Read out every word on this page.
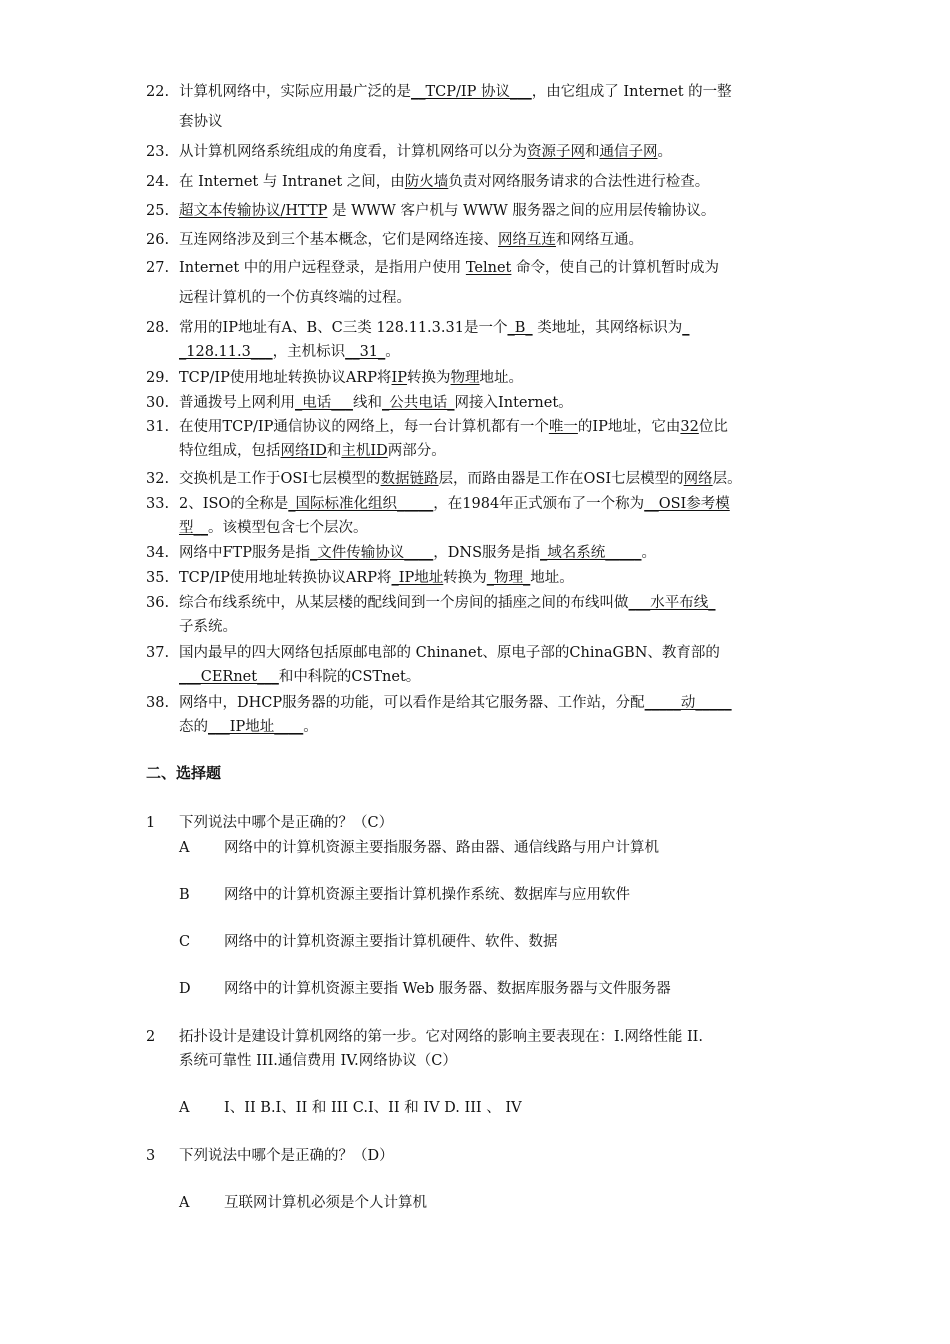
22. 计算机网络中，实际应用最广泛的是__TCP/IP 协议___，由它组成了 Internet 的一整
套协议
23. 从计算机网络系统组成的角度看，计算机网络可以分为资源子网和通信子网。
24. 在 Internet 与 Intranet 之间，由防火墙负责对网络服务请求的合法性进行检查。
25. 超文本传输协议/HTTP 是 WWW 客户机与 WWW 服务器之间的应用层传输协议。
26. 互连网络涉及到三个基本概念，它们是网络连接、网络互连和网络互通。
27. Internet 中的用户远程登录，是指用户使用 Telnet 命令，使自己的计算机暂时成为
远程计算机的一个仿真终端的过程。
28. 常用的IP地址有A、B、C三类 128.11.3.31是一个_B_ 类地址，其网络标识为_
_128.11.3___，主机标识__31_。
29. TCP/IP使用地址转换协议ARP将IP转换为物理地址。
30. 普通拨号上网利用_电话___线和_公共电话_网接入Internet。
31. 在使用TCP/IP通信协议的网络上，每一台计算机都有一个唯一的IP地址，它由32位比
特位组成，包括网络ID和主机ID两部分。
32. 交换机是工作于OSI七层模型的数据链路层，而路由器是工作在OSI七层模型的网络层。
33. 2、ISO的全称是_国际标准化组织_____，在1984年正式颁布了一个称为__OSI参考模
型__。该模型包含七个层次。
34. 网络中FTP服务是指_文件传输协议____，DNS服务是指_域名系统_____。
35. TCP/IP使用地址转换协议ARP将_IP地址转换为_物理_地址。
36. 综合布线系统中，从某层楼的配线间到一个房间的插座之间的布线叫做___水平布线_
子系统。
37. 国内最早的四大网络包括原邮电部的 Chinanet、原电子部的ChinaGBN、教育部的
___CERnet___和中科院的CSTnet。
38. 网络中，DHCP服务器的功能，可以看作是给其它服务器、工作站，分配_____动_____
态的___IP地址____。
二、选择题
1 下列说法中哪个是正确的？（C）
A 网络中的计算机资源主要指服务器、路由器、通信线路与用户计算机
B 网络中的计算机资源主要指计算机操作系统、数据库与应用软件
C 网络中的计算机资源主要指计算机硬件、软件、数据
D 网络中的计算机资源主要指 Web 服务器、数据库服务器与文件服务器
2 拓扑设计是建设计算机网络的第一步。它对网络的影响主要表现在：I.网络性能 II.
系统可靠性 III.通信费用 IV.网络协议（C）
A I、II B.I、II 和 III C.I、II 和 IV D. III 、 IV
3 下列说法中哪个是正确的？（D）
A 互联网计算机必须是个人计算机
